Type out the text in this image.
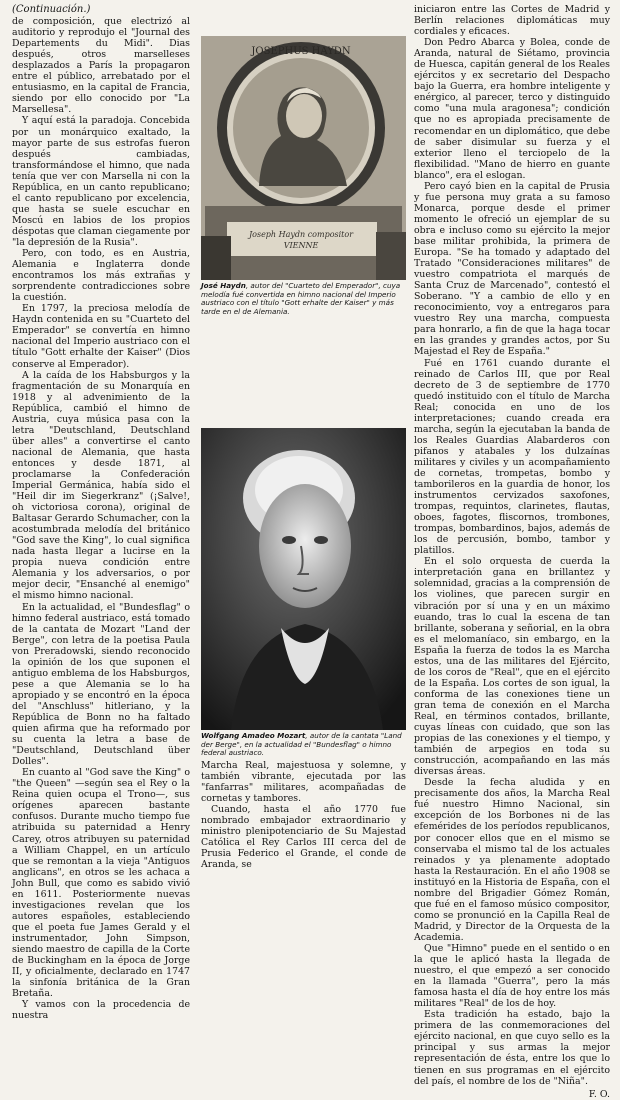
(Continuación.)

de composición, que electrizó al auditorio y reprodujo el "Journal des Departements du Midi". Dias después, otros marselleses desplazados a París la propagaron entre el público, arrebatado por el entusiasmo, en la capital de Francia, siendo por ello conocido por "La Marsellesa".

Y aquí está la paradoja. Concebida por un monárquico exaltado, la mayor parte de sus estrofas fueron después cambiadas, transformándose el himno, que nada tenía que ver con Marsella ni con la República, en un canto republicano; el canto republicano por excelencia, que hasta se suele escuchar en Moscú en labios de los propios déspotas que claman ciegamente por "la depresión de la Rusia".

Pero, con todo, es en Austria, Alemania e Inglaterra donde encontramos los más extrañas y sorprendente contradicciones sobre la cuestión.

En 1797, la preciosa melodía de Haydn contenida en su "Cuarteto del Emperador" se convertía en himno nacional del Imperio austriaco con el título "Gott erhalte der Kaiser" (Dios conserve al Emperador).

A la caída de los Habsburgos y la fragmentación de su Monarquía en 1918 y al advenimiento de la República, cambió el himno de Austria, cuya música pasa con la letra "Deutschland, Deutschland über alles" a convertirse el canto nacional de Alemania, que hasta entonces y desde 1871, al proclamarse la Confederación Imperial Germánica, había sido el "Heil dir im Siegerkranz" (¡Salve!, oh victoriosa corona), original de Baltasar Gerardo Schumacher, con la acostumbrada melodía del británico "God save the King", lo cual significa nada hasta llegar a lucirse en la propia nueva condición entre Alemania y los adversarios, o por mejor decir, "Ensanché al enemigo" el mismo himno nacional.

En la actualidad, el "Bundesflag" o himno federal austriaco, está tomado de la cantata de Mozart "Land der Berge", con letra de la poetisa Paula von Preradowski, siendo reconocido la opinión de los que suponen el antiguo emblema de los Habsburgos, pese a que Alemania se lo ha apropiado y se encontró en la época del "Anschluss" hitleriano, y la República de Bonn no ha faltado quien afirma que ha reformado por su cuenta la letra a base de "Deutschland, Deutschland über Dolles".

En cuanto al "God save the King" o "the Queen" —según sea el Rey o la Reina quien ocupa el Trono—, sus orígenes aparecen bastante confusos. Durante mucho tiempo fue atribuida su paternidad a Henry Carey, otros atribuyen su paternidad a William Chappel, en un artículo que se remontan a la vieja "Antiguos anglicans", en otros se les achaca a John Bull, que como es sabido vivió en 1611. Posteriormente nuevas investigaciones revelan que los autores españoles, estableciendo que el poeta fue James Gerald y el instrumentador, John Simpson, siendo maestro de capilla de la Corte de Buckingham en la época de Jorge II, y oficialmente, declarado en 1747 la sinfonía británica de la Gran Bretaña.

Y vamos con la procedencia de nuestra

JOSEPHUS HAYDN
Joseph Haydn compositor VIENNE
José Haydn, autor del "Cuarteto del Emperador", cuya melodía fué convertida en himno nacional del Imperio austriaco con el título "Gott erhalte der Kaiser" y más tarde en el de Alemania.
Wolfgang Amadeo Mozart, autor de la cantata "Land der Berge", en la actualidad el "Bundesflag" o himno federal austriaco.

Marcha Real, majestuosa y solemne, y también vibrante, ejecutada por las "fanfarras" militares, acompañadas de cornetas y tambores.

Cuando, hasta el año 1770 fue nombrado embajador extraordinario y ministro plenipotenciario de Su Majestad Católica el Rey Carlos III cerca del de Prusia Federico el Grande, el conde de Aranda, se

iniciaron entre las Cortes de Madrid y Berlín relaciones diplomáticas muy cordiales y eficaces.

Don Pedro Abarca y Bolea, conde de Aranda, natural de Siétamo, provincia de Huesca, capitán general de los Reales ejércitos y ex secretario del Despacho bajo la Guerra, era hombre inteligente y enérgico, al parecer, terco y distinguido como "una mula aragonesa"; condición que no es apropiada precisamente de recomendar en un diplomático, que debe de saber disimular su fuerza y el exterior lleno el terciopelo de la flexibilidad. "Mano de hierro en guante blanco", era el eslogan.

Pero cayó bien en la capital de Prusia y fue persona muy grata a su famoso Monarca, porque desde el primer momento le ofreció un ejemplar de su obra e incluso como su ejército la mejor base militar prohibida, la primera de Europa. "Se ha tomado y adaptado del Tratado "Consideraciones militares" de vuestro compatriota el marqués de Santa Cruz de Marcenado", contestó el Soberano. "Y a cambio de ello y en reconocimiento, voy a entregaros para vuestro Rey una marcha, compuesta para honrarlo, a fin de que la haga tocar en las grandes y grandes actos, por Su Majestad el Rey de España."

Fué en 1761 cuando durante el reinado de Carlos III, que por Real decreto de 3 de septiembre de 1770 quedó instituido con el título de Marcha Real; conocida en uno de los interpretaciones; cuando creada era marcha, según la ejecutaban la banda de los Reales Guardias Alabarderos con pifanos y atabales y los dulzaínas militares y civiles y un acompañamiento de cornetas, trompetas, bombo y tamborileros en la guardia de honor, los instrumentos cervizados saxofones, trompas, requintos, clarinetes, flautas, oboes, fagotes, fliscornos, trombones, trompas, bombardinos, bajos, además de los de percusión, bombo, tambor y platillos.

En el solo orquesta de cuerda la interpretación gana en brillantez y solemnidad, gracias a la comprensión de los violines, que parecen surgir en vibración por sí una y en un máximo euando, tras lo cual la escena de tan brillante, soberana y señorial, en la obra es el melomaníaco, sin embargo, en la España la fuerza de todos la es Marcha estos, una de las militares del Ejército, de los coros de "Real", que en el ejército de la España. Los cortes de son igual, la conforma de las conexiones tiene un gran tema de conexión en el Marcha Real, en términos contados, brillante, cuyas líneas con cuidado, que son las propias de las conexiones y el tiempo, y también de arpegios en toda su construcción, acompañando en las más diversas áreas.

Desde la fecha aludida y en precisamente dos años, la Marcha Real fué nuestro Himno Nacional, sin excepción de los Borbones ni de las efemérides de los períodos republicanos, por conocer ellos que en el mismo se conservaba el mismo tal de los actuales reinados y ya plenamente adoptado hasta la Restauración. En el año 1908 se instituyó en la Historia de España, con el nombre del Brigadier Gómez Román, que fué en el famoso músico compositor, como se pronunció en la Capilla Real de Madrid, y Director de la Orquesta de la Academia.

Que "Himno" puede en el sentido o en la que le aplicó hasta la llegada de nuestro, el que empezó a ser conocido en la llamada "Guerra", pero la más famosa hasta el día de hoy entre los más militares "Real" de los de hoy.

Esta tradición ha estado, bajo la primera de las conmemoraciones del ejército nacional, en que cuyo sello es la principal y sus armas la mejor representación de ésta, entre los que lo tienen en sus programas en el ejército del país, el nombre de los de "Niña".

F. O.
